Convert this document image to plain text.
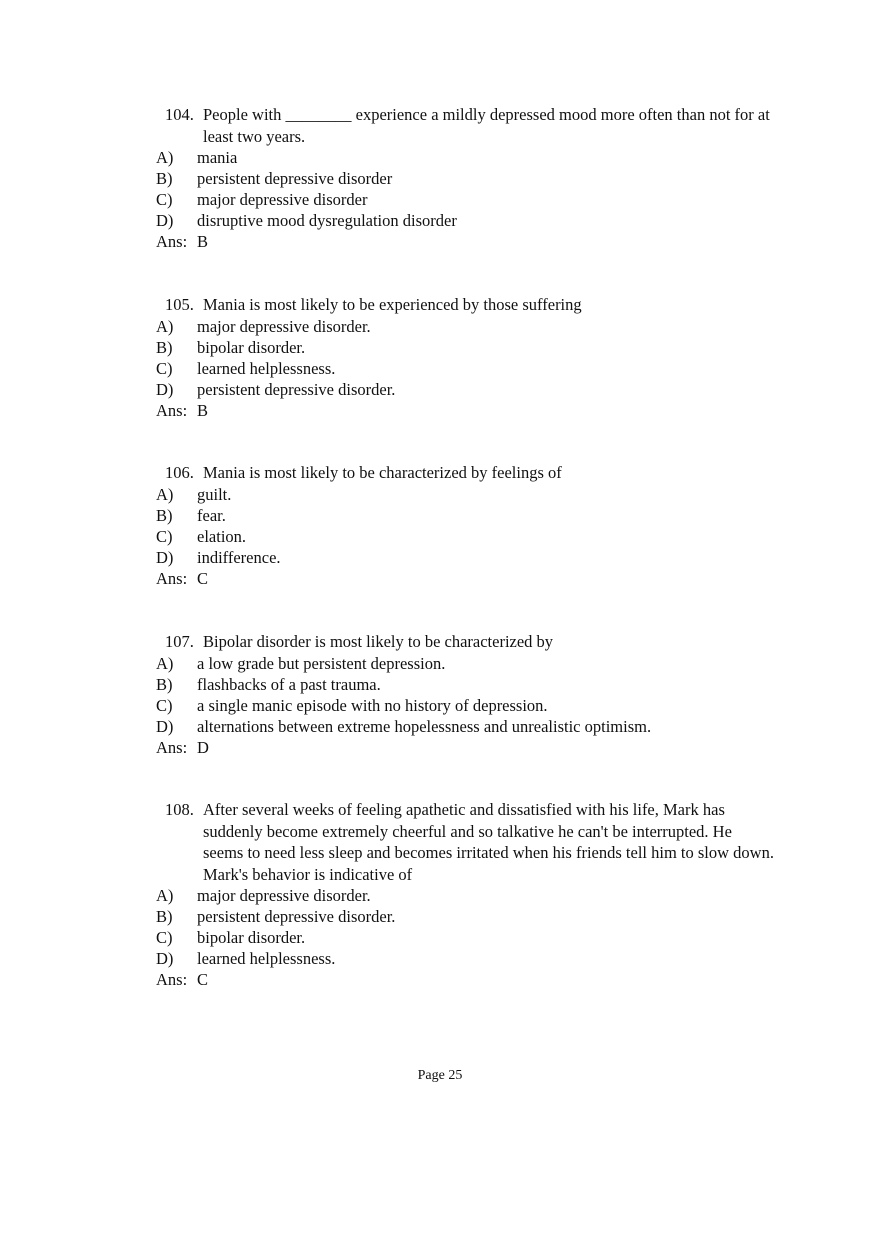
104. People with ________ experience a mildly depressed mood more often than not for at least two years.
A)	mania
B)	persistent depressive disorder
C)	major depressive disorder
D)	disruptive mood dysregulation disorder
Ans: B
105. Mania is most likely to be experienced by those suffering
A)	major depressive disorder.
B)	bipolar disorder.
C)	learned helplessness.
D)	persistent depressive disorder.
Ans: B
106. Mania is most likely to be characterized by feelings of
A)	guilt.
B)	fear.
C)	elation.
D)	indifference.
Ans: C
107. Bipolar disorder is most likely to be characterized by
A)	a low grade but persistent depression.
B)	flashbacks of a past trauma.
C)	a single manic episode with no history of depression.
D)	alternations between extreme hopelessness and unrealistic optimism.
Ans: D
108. After several weeks of feeling apathetic and dissatisfied with his life, Mark has suddenly become extremely cheerful and so talkative he can't be interrupted. He seems to need less sleep and becomes irritated when his friends tell him to slow down. Mark's behavior is indicative of
A)	major depressive disorder.
B)	persistent depressive disorder.
C)	bipolar disorder.
D)	learned helplessness.
Ans: C
Page 25
